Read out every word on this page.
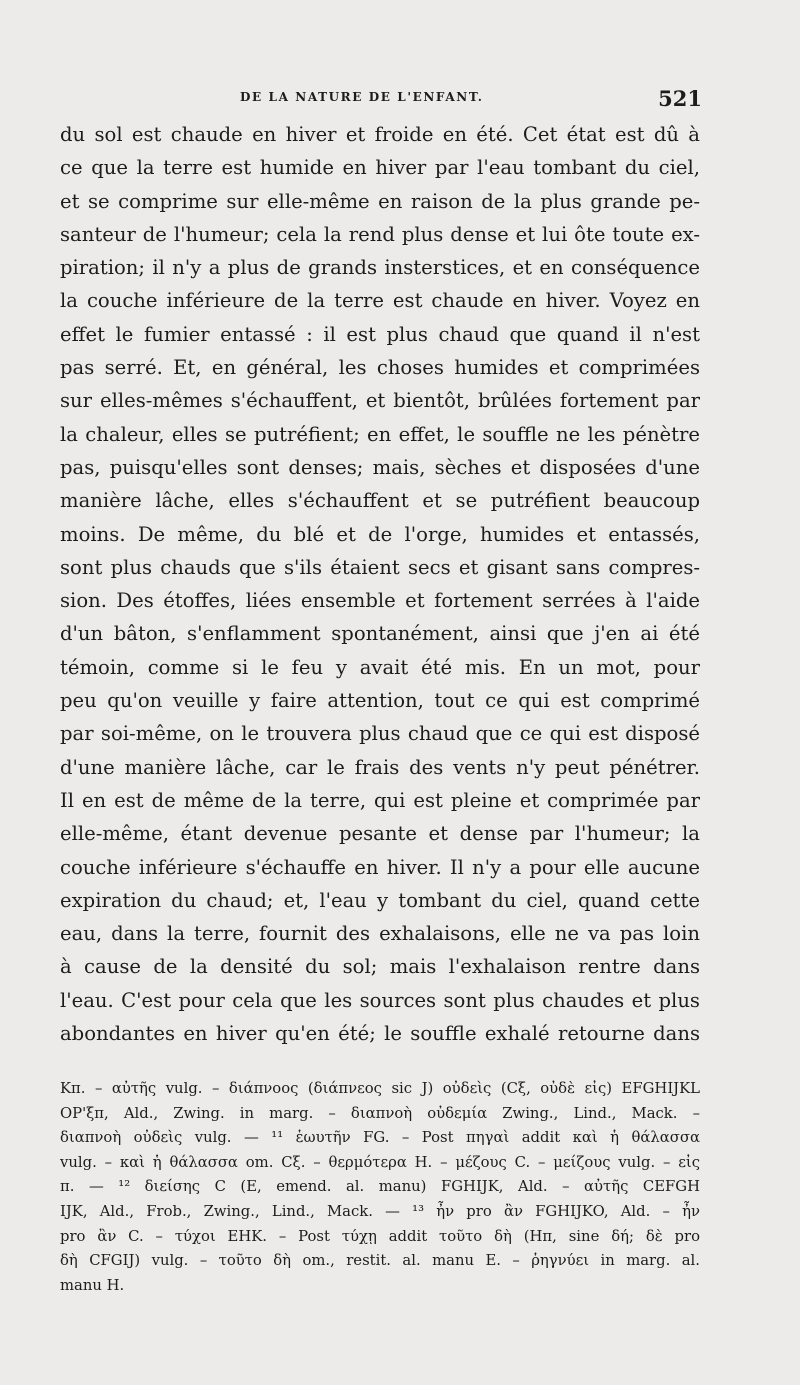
DE LA NATURE DE L'ENFANT.	521
du sol est chaude en hiver et froide en été. Cet état est dû à
ce que la terre est humide en hiver par l'eau tombant du ciel,
et se comprime sur elle-même en raison de la plus grande pe-
santeur de l'humeur; cela la rend plus dense et lui ôte toute ex-
piration; il n'y a plus de grands insterstices, et en conséquence
la couche inférieure de la terre est chaude en hiver. Voyez en
effet le fumier entassé : il est plus chaud que quand il n'est
pas serré. Et, en général, les choses humides et comprimées
sur elles-mêmes s'échauffent, et bientôt, brûlées fortement par
la chaleur, elles se putréfient; en effet, le souffle ne les pénètre
pas, puisqu'elles sont denses; mais, sèches et disposées d'une
manière lâche, elles s'échauffent et se putréfient beaucoup
moins. De même, du blé et de l'orge, humides et entassés,
sont plus chauds que s'ils étaient secs et gisant sans compres-
sion. Des étoffes, liées ensemble et fortement serrées à l'aide
d'un bâton, s'enflamment spontanément, ainsi que j'en ai été
témoin, comme si le feu y avait été mis. En un mot, pour
peu qu'on veuille y faire attention, tout ce qui est comprimé
par soi-même, on le trouvera plus chaud que ce qui est disposé
d'une manière lâche, car le frais des vents n'y peut pénétrer.
Il en est de même de la terre, qui est pleine et comprimée par
elle-même, étant devenue pesante et dense par l'humeur; la
couche inférieure s'échauffe en hiver. Il n'y a pour elle aucune
expiration du chaud; et, l'eau y tombant du ciel, quand cette
eau, dans la terre, fournit des exhalaisons, elle ne va pas loin
à cause de la densité du sol; mais l'exhalaison rentre dans
l'eau. C'est pour cela que les sources sont plus chaudes et plus
abondantes en hiver qu'en été; le souffle exhalé retourne dans
Kπ. – αὐτῆς vulg. – διάπνοος (διάπνεος sic J) οὐδεὶς (Cξ, οὐδὲ εἰς) EFGHIJKL
OP'ξπ, Ald., Zwing. in marg. – διαπνοὴ οὐδεμία Zwing., Lind., Mack. –
διαπνοὴ οὐδεὶς vulg. — ¹¹ ἑωυτῆν FG. – Post πηγαὶ addit καὶ ἡ θάλασσα
vulg. – καὶ ἡ θάλασσα om. Cξ. – θερμότερα H. – μέζους C. – μείζους vulg. – εἰς
π. — ¹² διείσης C (E, emend. al. manu) FGHIJK, Ald. – αὐτῆς CEFGH
IJK, Ald., Frob., Zwing., Lind., Mack. — ¹³ ἦν pro ἂν FGHIJKO, Ald. – ἦν
pro ἂν C. – τύχοι EHK. – Post τύχῃ addit τοῦτο δὴ (Hπ, sine δή; δὲ pro
δὴ CFGIJ) vulg. – τοῦτο δὴ om., restit. al. manu E. – ῥηγνύει in marg. al.
manu H.
